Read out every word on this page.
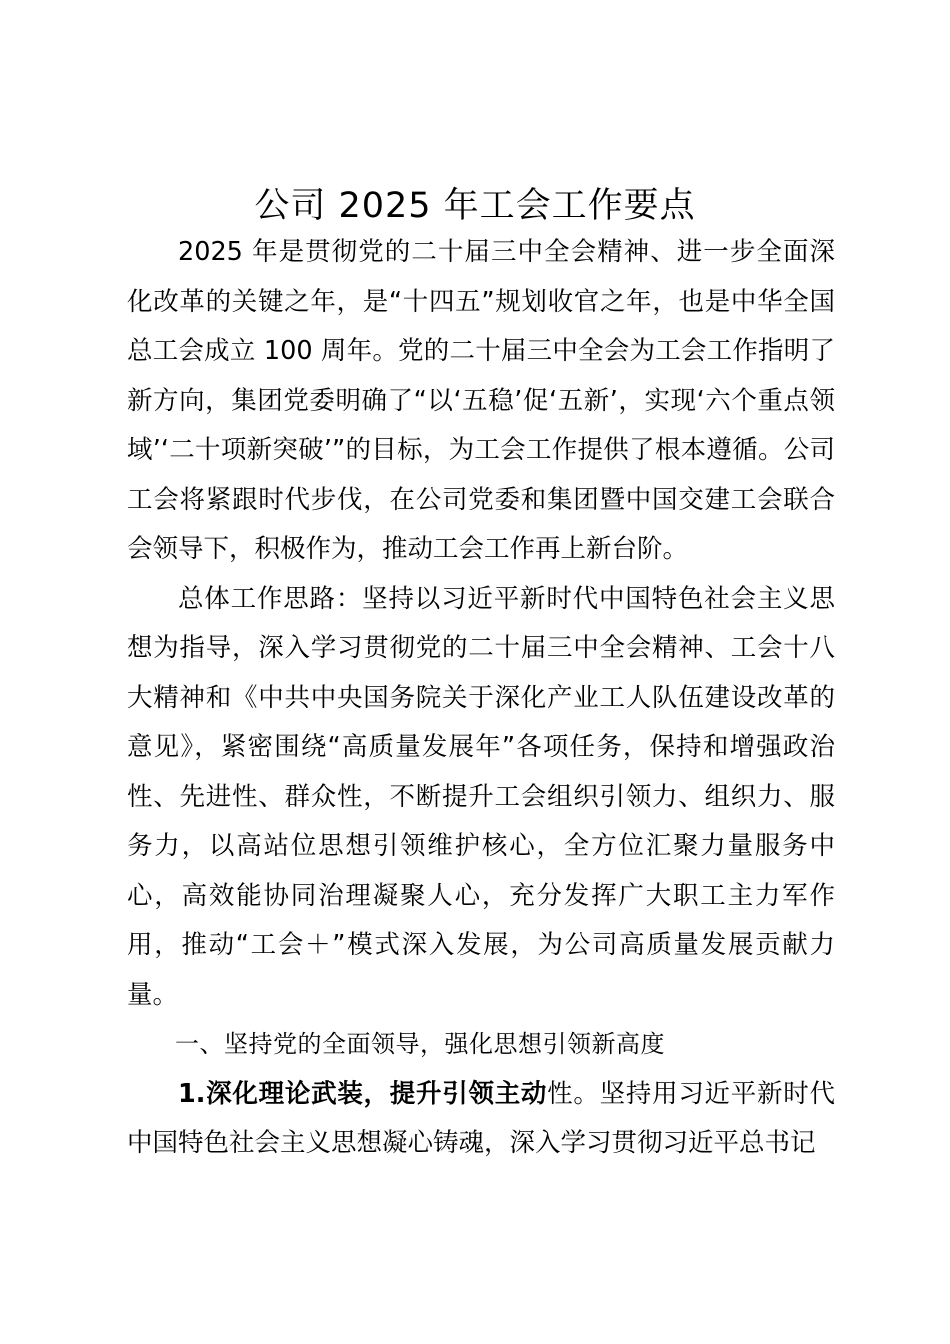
公司 2025 年工会工作要点

2025 年是贯彻党的二十届三中全会精神、进一步全面深化改革的关键之年，是“十四五”规划收官之年，也是中华全国总工会成立 100 周年。党的二十届三中全会为工会工作指明了新方向，集团党委明确了“以‘五稳’促‘五新’，实现‘六个重点领域’‘二十项新突破’”的目标，为工会工作提供了根本遵循。公司工会将紧跟时代步伐，在公司党委和集团暨中国交建工会联合会领导下，积极作为，推动工会工作再上新台阶。

总体工作思路：坚持以习近平新时代中国特色社会主义思想为指导，深入学习贯彻党的二十届三中全会精神、工会十八大精神和《中共中央国务院关于深化产业工人队伍建设改革的意见》，紧密围绕“高质量发展年”各项任务，保持和增强政治性、先进性、群众性，不断提升工会组织引领力、组织力、服务力，以高站位思想引领维护核心，全方位汇聚力量服务中心，高效能协同治理凝聚人心，充分发挥广大职工主力军作用，推动“工会＋”模式深入发展，为公司高质量发展贡献力量。

一、坚持党的全面领导，强化思想引领新高度

1.深化理论武装，提升引领主动性。坚持用习近平新时代中国特色社会主义思想凝心铸魂，深入学习贯彻习近平总书记
